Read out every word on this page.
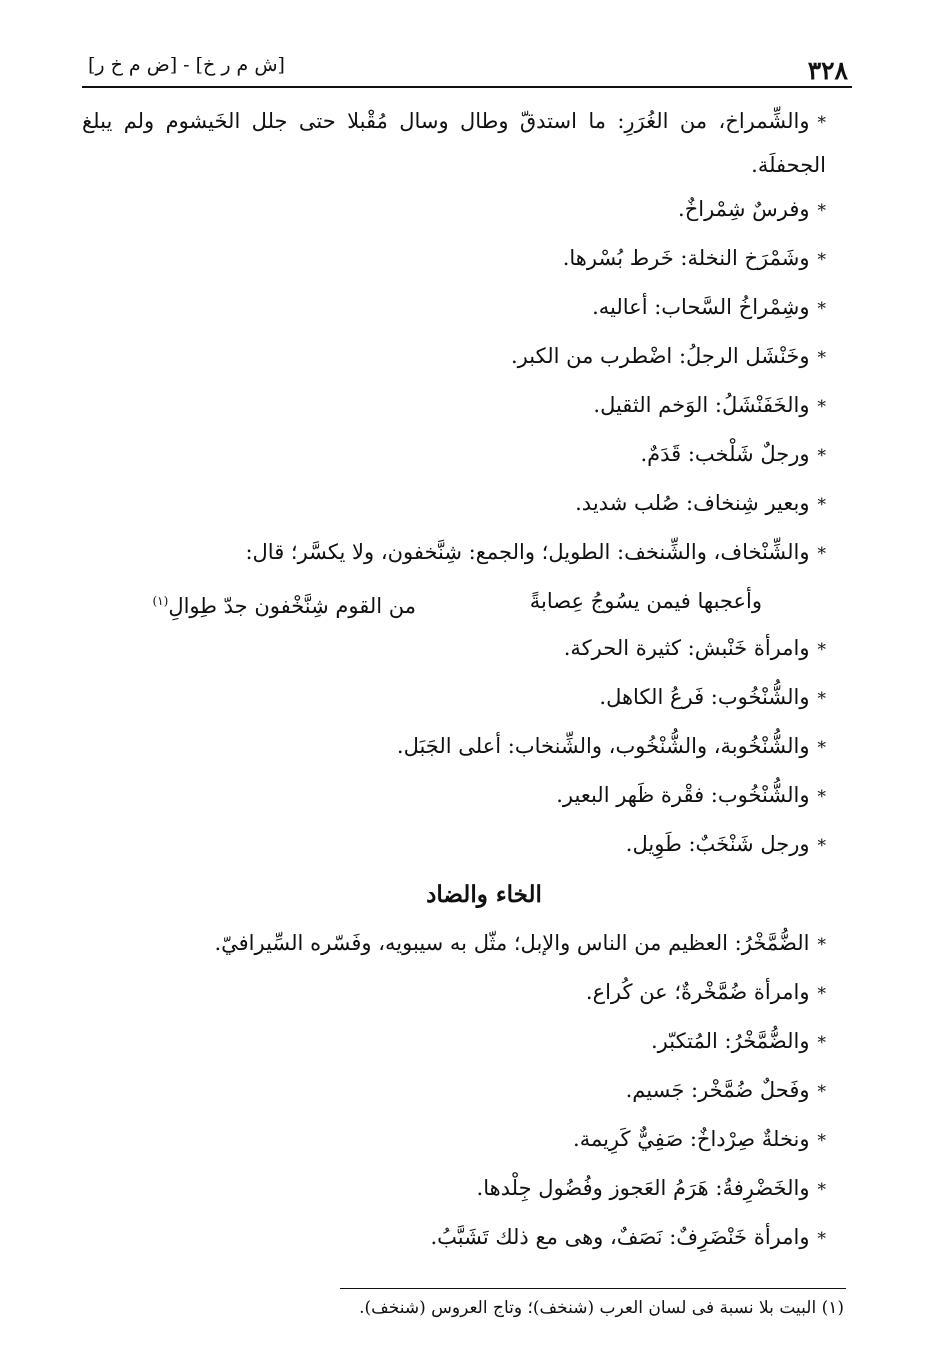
٣٢٨
[ش م ر خ] - [ض م خ ر]

*والشِّمراخ، من الغُرَرِ: ما استدقّ وطال وسال مُقْبلا حتى جلل الخَيشوم ولم يبلغ الجحفلَة.

*وفرسٌ شِمْراخٌ.

*وشَمْرَخ النخلة: خَرط بُسْرها.

*وشِمْراخُ السَّحاب: أعاليه.

*وخَنْشَل الرجلُ: اضْطرب من الكبر.

*والخَفَنْشَلُ: الوَخم الثقيل.

*ورجلٌ شَلْخب: قَدَمٌ.

*وبعير شِنخاف: صُلب شديد.

*والشِّنْخاف، والشِّنخف: الطويل؛ والجمع: شِنَّخفون، ولا يكسَّر؛ قال:

وأعجبها فيمن يسُوجُ عِصابةً
من القوم شِنَّخْفون جدّ طِوالِ$^{(١)}$

*وامرأة خَنْبش: كثيرة الحركة.

*والشُّنْخُوب: فَرعُ الكاهل.

*والشُّنْخُوبة، والشُّنْخُوب، والشِّنخاب: أعلى الجَبَل.

*والشُّنْخُوب: فقْرة ظَهر البعير.

*ورجل شَنْخَبٌ: طَوِيل.

الخاء والضاد

*الضُّمَّخْرُ: العظيم من الناس والإبل؛ مثّل به سيبويه، وفَسّره السِّيرافيّ.

*وامرأة ضُمَّخْرةٌ؛ عن كُراع.

*والضُّمَّخْرُ: المُتكبّر.

*وفَحلٌ ضُمَّخْر: جَسيم.

*ونخلةٌ صِرْداخٌ: صَفِيٌّ كَرِيمة.

*والخَضْرِفةُ: هَرَمُ العَجوز وفُضُول جِلْدها.

*وامرأة خَنْضَرِفٌ: نَصَفٌ، وهى مع ذلك تَشَبَّبُ.

(١) البيت بلا نسبة فى لسان العرب (شنخف)؛ وتاج العروس (شنخف).
